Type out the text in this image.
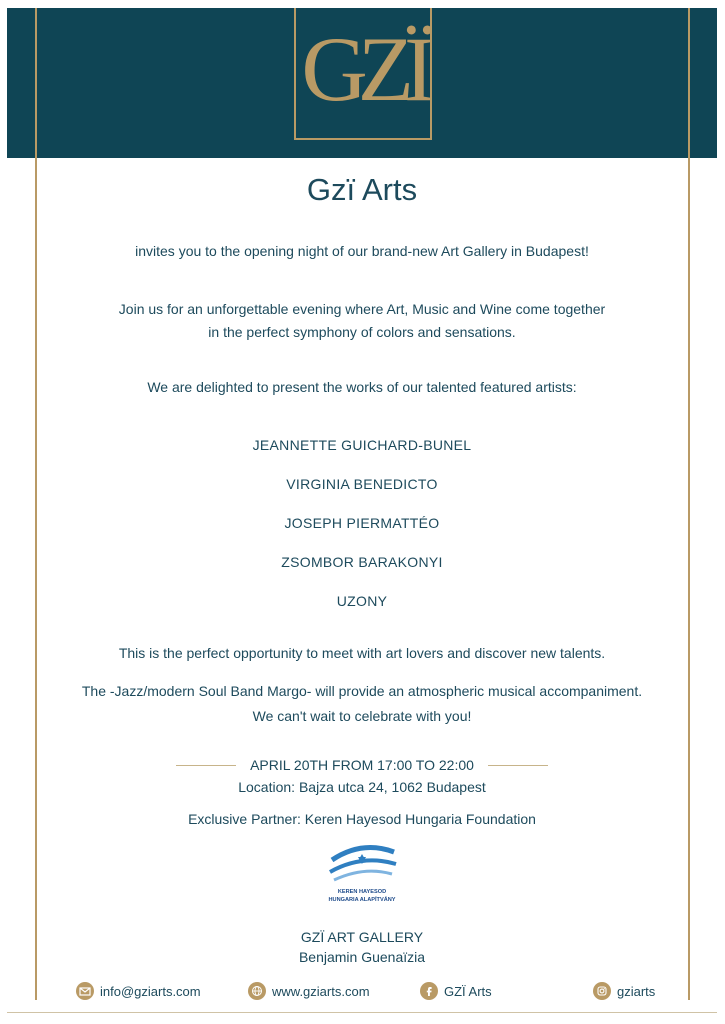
GZÏ
Gzï Arts
invites you to the opening night of our brand-new Art Gallery in Budapest!
Join us for an unforgettable evening where Art, Music and Wine come together
in the perfect symphony of colors and sensations.
We are delighted to present the works of our talented featured artists:
JEANNETTE GUICHARD-BUNEL
VIRGINIA BENEDICTO
JOSEPH PIERMATTÉO
ZSOMBOR BARAKONYI
UZONY
This is the perfect opportunity to meet with art lovers and discover new talents.
The -Jazz/modern Soul Band Margo- will provide an atmospheric musical accompaniment.
We can't wait to celebrate with you!
APRIL 20TH FROM 17:00 TO 22:00
Location: Bajza utca 24, 1062 Budapest
Exclusive Partner: Keren Hayesod Hungaria Foundation
KEREN HAYESOD
HUNGARIA ALAPÍTVÁNY
GZÏ ART GALLERY
Benjamin Guenaïzia
info@gziarts.com	www.gziarts.com	GZÏ Arts	gziarts
